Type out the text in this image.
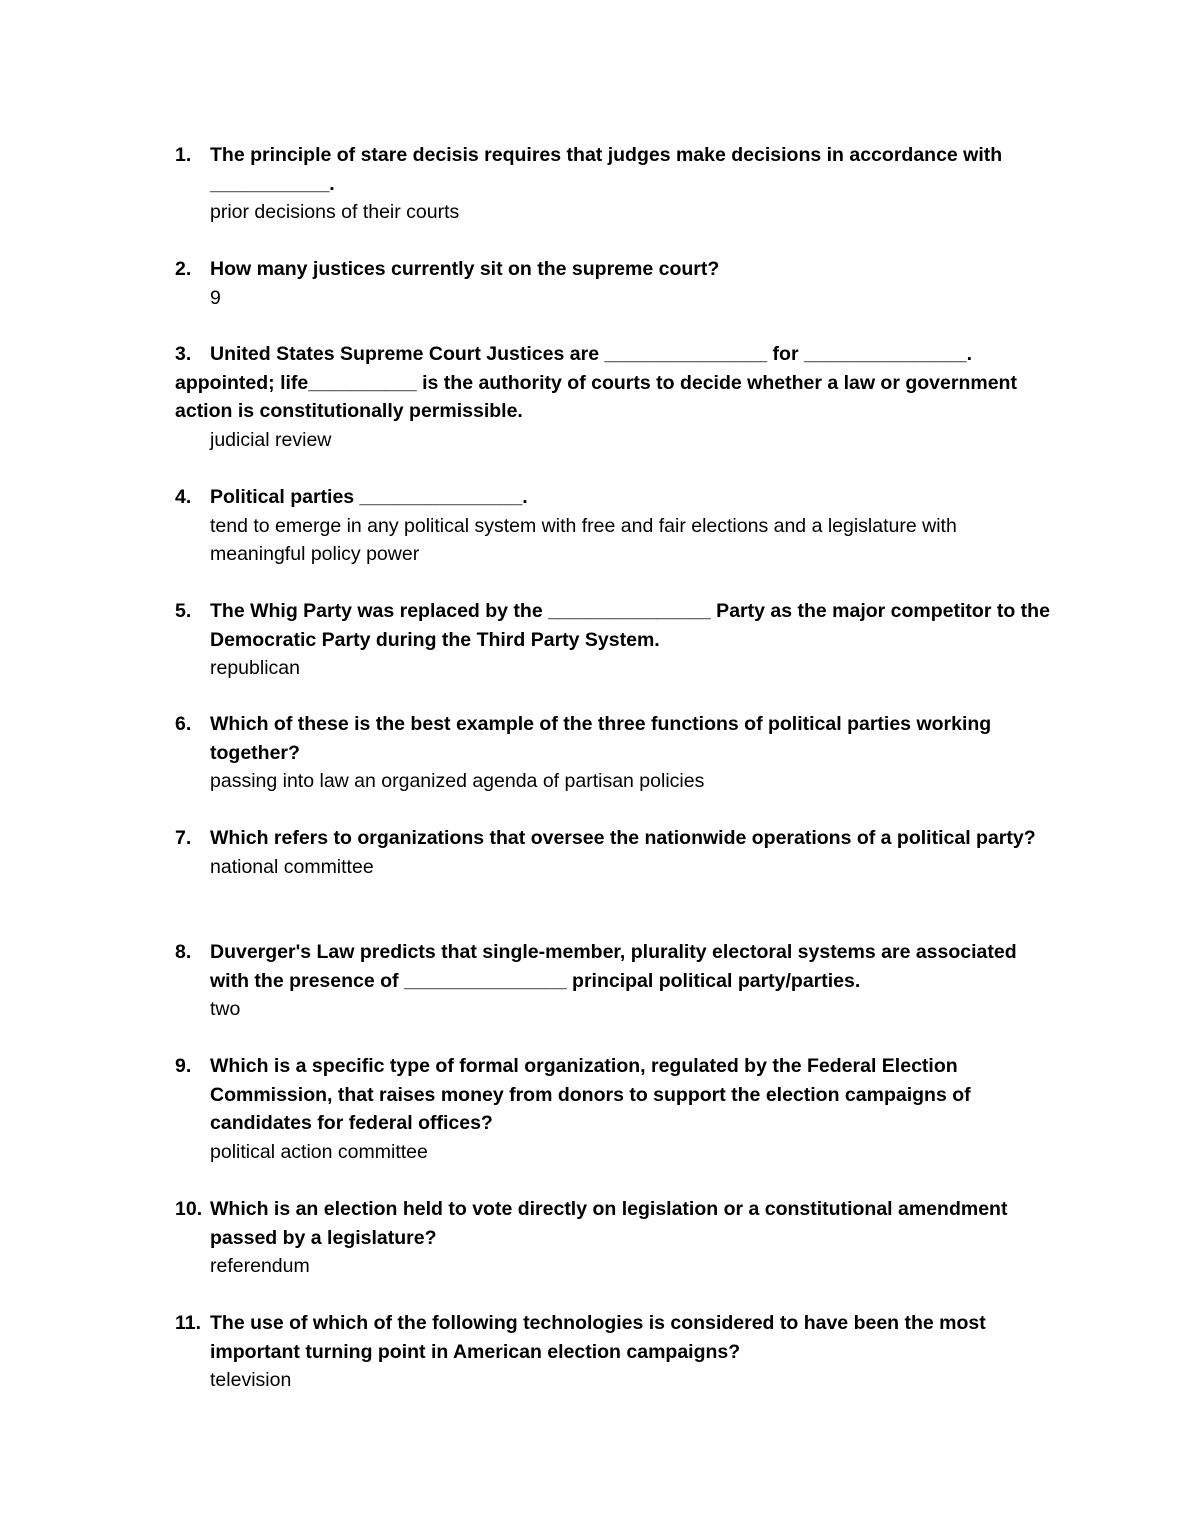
1. The principle of stare decisis requires that judges make decisions in accordance with ___________.
prior decisions of their courts
2. How many justices currently sit on the supreme court?
9
3. United States Supreme Court Justices are _______________ for _______________.
appointed; life__________ is the authority of courts to decide whether a law or government action is constitutionally permissible.
judicial review
4. Political parties _______________.
tend to emerge in any political system with free and fair elections and a legislature with meaningful policy power
5. The Whig Party was replaced by the _______________ Party as the major competitor to the Democratic Party during the Third Party System.
republican
6. Which of these is the best example of the three functions of political parties working together?
passing into law an organized agenda of partisan policies
7. Which refers to organizations that oversee the nationwide operations of a political party?
national committee
8. Duverger's Law predicts that single-member, plurality electoral systems are associated with the presence of _______________ principal political party/parties.
two
9. Which is a specific type of formal organization, regulated by the Federal Election Commission, that raises money from donors to support the election campaigns of candidates for federal offices?
political action committee
10. Which is an election held to vote directly on legislation or a constitutional amendment passed by a legislature?
referendum
11. The use of which of the following technologies is considered to have been the most important turning point in American election campaigns?
television
